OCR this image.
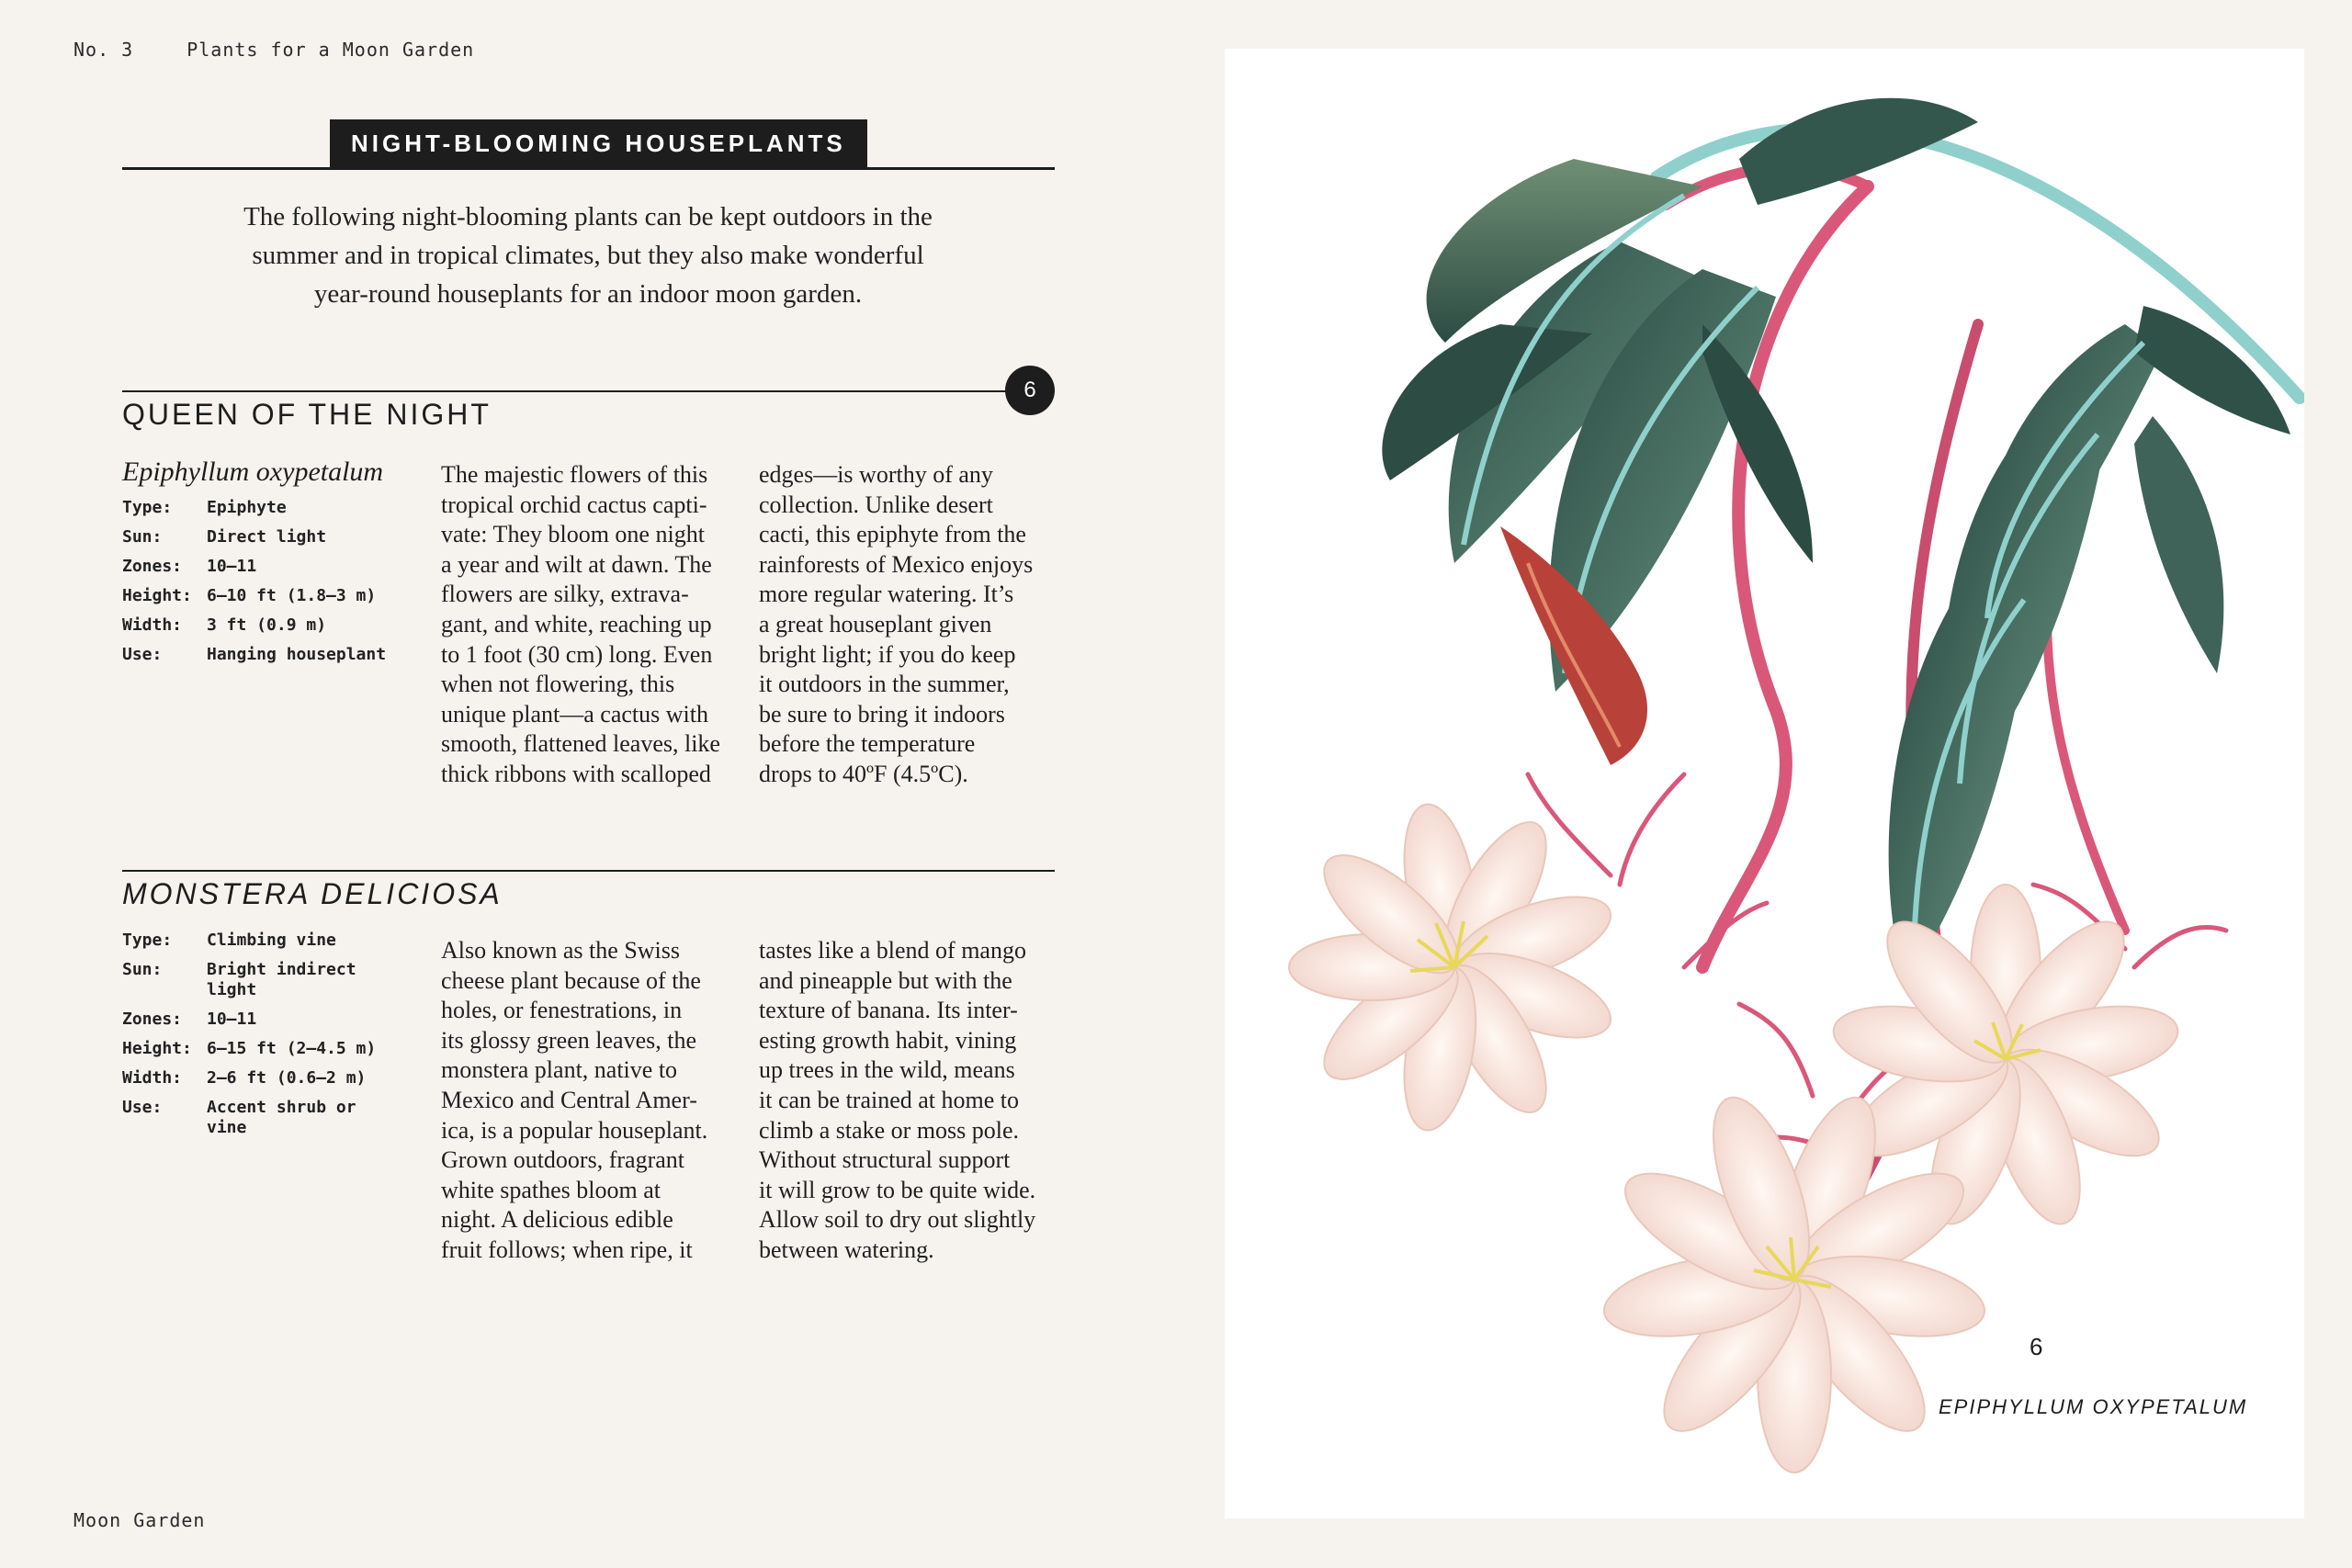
No. 3	Plants for a Moon Garden
NIGHT-BLOOMING HOUSEPLANTS
The following night-blooming plants can be kept outdoors in the
summer and in tropical climates, but they also make wonderful
year-round houseplants for an indoor moon garden.
6
QUEEN OF THE NIGHT
Epiphyllum oxypetalum
Type:	Epiphyte
Sun:	Direct light
Zones:	10–11
Height: 6–10 ft (1.8–3 m)
Width:	3 ft (0.9 m)
Use:	Hanging houseplant
The majestic flowers of this
tropical orchid cactus capti-
vate: They bloom one night
a year and wilt at dawn. The
flowers are silky, extrava-
gant, and white, reaching up
to 1 foot (30 cm) long. Even
when not flowering, this
unique plant—a cactus with
smooth, flattened leaves, like
thick ribbons with scalloped
edges—is worthy of any
collection. Unlike desert
cacti, this epiphyte from the
rainforests of Mexico enjoys
more regular watering. It’s
a great houseplant given
bright light; if you do keep
it outdoors in the summer,
be sure to bring it indoors
before the temperature
drops to 40ºF (4.5ºC).
MONSTERA DELICIOSA
Type:	Climbing vine
Sun:	Bright indirect light
Zones:	10–11
Height: 6–15 ft (2–4.5 m)
Width:	2–6 ft (0.6–2 m)
Use:	Accent shrub or vine
Also known as the Swiss
cheese plant because of the
holes, or fenestrations, in
its glossy green leaves, the
monstera plant, native to
Mexico and Central Amer-
ica, is a popular houseplant.
Grown outdoors, fragrant
white spathes bloom at
night. A delicious edible
fruit follows; when ripe, it
tastes like a blend of mango
and pineapple but with the
texture of banana. Its inter-
esting growth habit, vining
up trees in the wild, means
it can be trained at home to
climb a stake or moss pole.
Without structural support
it will grow to be quite wide.
Allow soil to dry out slightly
between watering.
Moon Garden
6
EPIPHYLLUM OXYPETALUM
